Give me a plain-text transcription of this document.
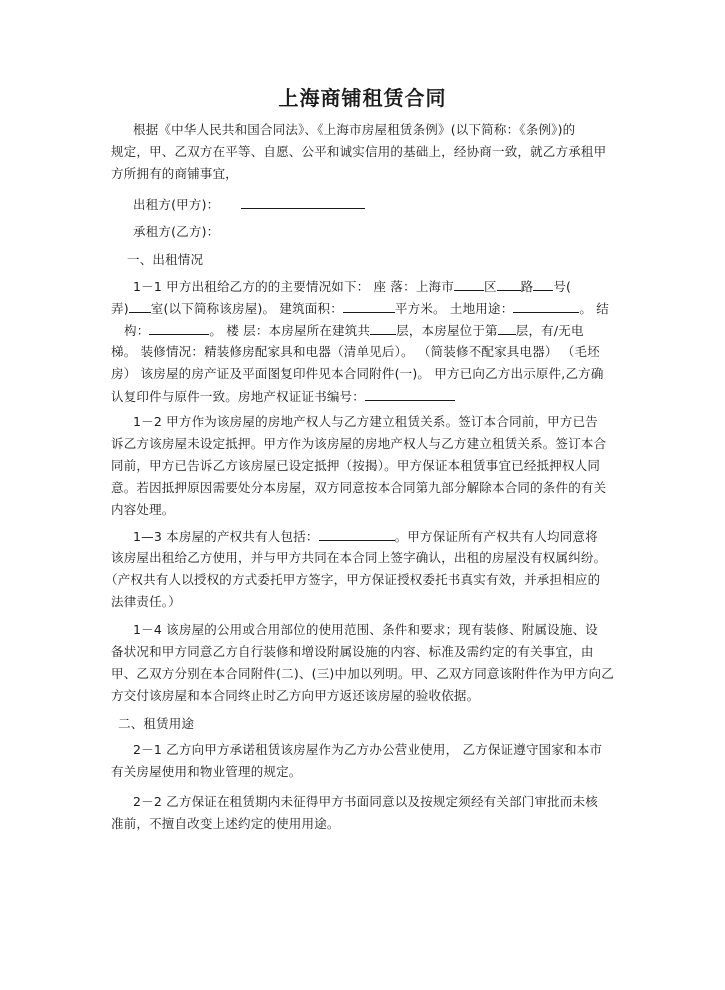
上海商铺租赁合同
根据《中华人民共和国合同法》、《上海市房屋租赁条例》(以下简称：《条例》)的
规定，甲、乙双方在平等、自愿、公平和诚实信用的基础上，经协商一致，就乙方承租甲
方所拥有的商铺事宜，
出租方(甲方)：
承租方(乙方)：
一、出租情况
1－1 甲方出租给乙方的的主要情况如下： 座 落：上海市 区 路 号(
弄) 室(以下简称该房屋)。 建筑面积：	平方米。 土地用途：	。 结
构：	。 楼 层：本房屋所在建筑共 层，本房屋位于第 层，有/无电
梯。 装修情况：精装修房配家具和电器（清单见后）。 （简装修不配家具电器） （毛坯
房） 该房屋的房产证及平面图复印件见本合同附件(一)。 甲方已向乙方出示原件,乙方确
认复印件与原件一致。房地产权证证书编号：
1－2 甲方作为该房屋的房地产权人与乙方建立租赁关系。签订本合同前，甲方已告
诉乙方该房屋未设定抵押。甲方作为该房屋的房地产权人与乙方建立租赁关系。签订本合
同前，甲方已告诉乙方该房屋已设定抵押（按揭）。甲方保证本租赁事宜已经抵押权人同
意。若因抵押原因需要处分本房屋，双方同意按本合同第九部分解除本合同的条件的有关
内容处理。
1—3 本房屋的产权共有人包括：	。甲方保证所有产权共有人均同意将
该房屋出租给乙方使用，并与甲方共同在本合同上签字确认，出租的房屋没有权属纠纷。
（产权共有人以授权的方式委托甲方签字，甲方保证授权委托书真实有效，并承担相应的
法律责任。）
1－4 该房屋的公用或合用部位的使用范围、条件和要求；现有装修、附属设施、设
备状况和甲方同意乙方自行装修和增设附属设施的内容、标准及需约定的有关事宜，由
甲、乙双方分别在本合同附件(二)、(三)中加以列明。甲、乙双方同意该附件作为甲方向乙
方交付该房屋和本合同终止时乙方向甲方返还该房屋的验收依据。
二、租赁用途
2－1 乙方向甲方承诺租赁该房屋作为乙方办公营业使用， 乙方保证遵守国家和本市
有关房屋使用和物业管理的规定。
2－2 乙方保证在租赁期内未征得甲方书面同意以及按规定须经有关部门审批而未核
准前，不擅自改变上述约定的使用用途。
